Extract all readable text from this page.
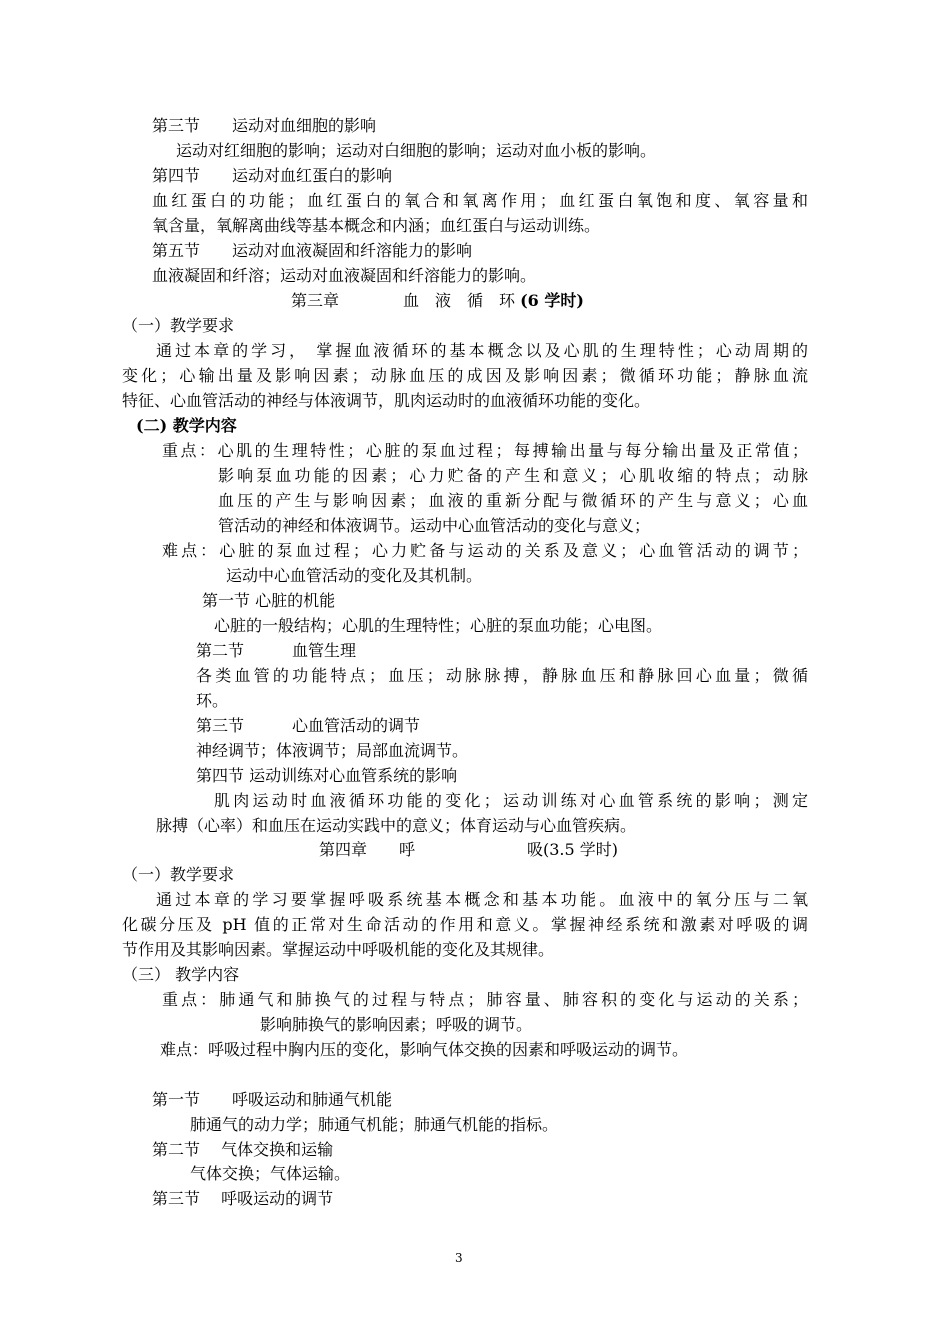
第三节　　运动对血细胞的影响
运动对红细胞的影响；运动对白细胞的影响；运动对血小板的影响。
第四节　　运动对血红蛋白的影响
血红蛋白的功能；血红蛋白的氧合和氧离作用；血红蛋白氧饱和度、氧容量和
氧含量，氧解离曲线等基本概念和内涵；血红蛋白与运动训练。
第五节　　运动对血液凝固和纤溶能力的影响
血液凝固和纤溶；运动对血液凝固和纤溶能力的影响。
第三章　　　　血　液　循　环 (6 学时)
（一）教学要求
通过本章的学习， 掌握血液循环的基本概念以及心肌的生理特性；心动周期的
变化；心输出量及影响因素；动脉血压的成因及影响因素；微循环功能；静脉血流
特征、心血管活动的神经与体液调节，肌肉运动时的血液循环功能的变化。
(二) 教学内容
重点：心肌的生理特性；心脏的泵血过程；每搏输出量与每分输出量及正常值；
影响泵血功能的因素；心力贮备的产生和意义；心肌收缩的特点；动脉
血压的产生与影响因素；血液的重新分配与微循环的产生与意义；心血
管活动的神经和体液调节。运动中心血管活动的变化与意义；
难点：心脏的泵血过程；心力贮备与运动的关系及意义；心血管活动的调节；
运动中心血管活动的变化及其机制。
第一节 心脏的机能
心脏的一般结构；心肌的生理特性；心脏的泵血功能；心电图。
第二节　　　血管生理
各类血管的功能特点；血压；动脉脉搏，静脉血压和静脉回心血量；微循
环。
第三节　　　心血管活动的调节
神经调节；体液调节；局部血流调节。
第四节 运动训练对心血管系统的影响
肌肉运动时血液循环功能的变化；运动训练对心血管系统的影响；测定
脉搏（心率）和血压在运动实践中的意义；体育运动与心血管疾病。
第四章　　呼　　　　　　　吸(3.5 学时)
（一）教学要求
通过本章的学习要掌握呼吸系统基本概念和基本功能。血液中的氧分压与二氧
化碳分压及 pH 值的正常对生命活动的作用和意义。掌握神经系统和激素对呼吸的调
节作用及其影响因素。掌握运动中呼吸机能的变化及其规律。
（三） 教学内容
重点：肺通气和肺换气的过程与特点；肺容量、肺容积的变化与运动的关系；
影响肺换气的影响因素；呼吸的调节。
难点：呼吸过程中胸内压的变化，影响气体交换的因素和呼吸运动的调节。
第一节　　呼吸运动和肺通气机能
肺通气的动力学；肺通气机能；肺通气机能的指标。
第二节　 气体交换和运输
气体交换；气体运输。
第三节　 呼吸运动的调节
3
